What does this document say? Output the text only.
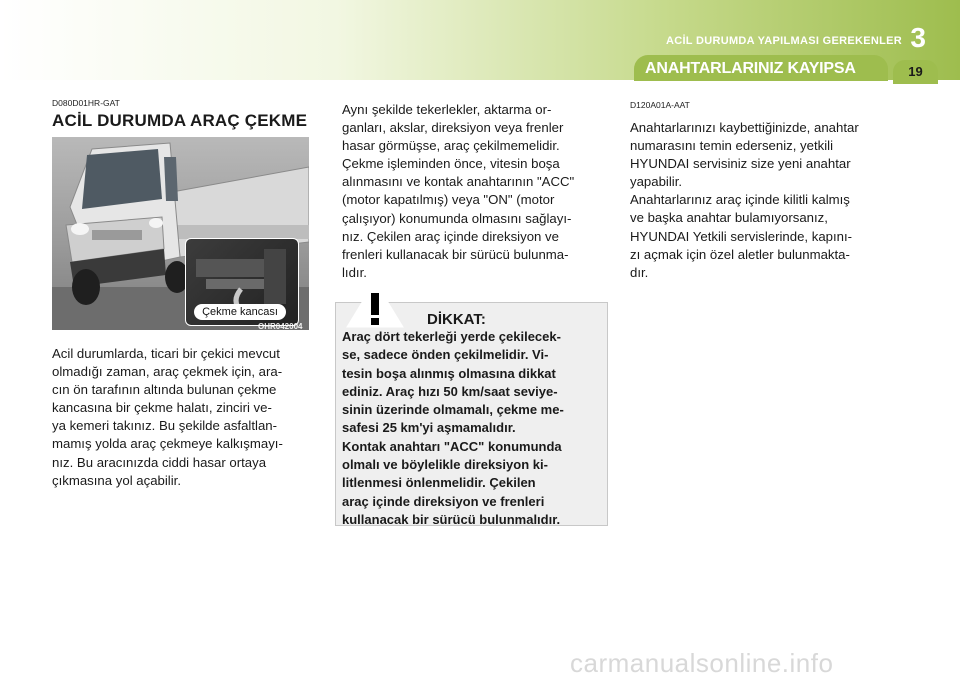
ACİL DURUMDA YAPILMASI GEREKENLER 3
ANAHTARLARINIZ KAYIPSA	19
D080D01HR-GAT
ACİL DURUMDA ARAÇ ÇEKME
Çekme kancası
OHR042004

Acil durumlarda, ticari bir çekici mevcut
olmadığı zaman, araç çekmek için, ara-
cın ön tarafının altında bulunan çekme
kancasına bir çekme halatı, zinciri ve-
ya kemeri takınız. Bu şekilde asfaltlan-
mamış yolda araç çekmeye kalkışmayı-
nız. Bu aracınızda ciddi hasar ortaya
çıkmasına yol açabilir.

Aynı şekilde tekerlekler, aktarma or-
ganları, akslar, direksiyon veya frenler
hasar görmüşse, araç çekilmemelidir.
Çekme işleminden önce, vitesin boşa
alınmasını ve kontak anahtarının "ACC"
(motor kapatılmış) veya "ON" (motor
çalışıyor) konumunda olmasını sağlayı-
nız. Çekilen araç içinde direksiyon ve
frenleri kullanacak bir sürücü bulunma-
lıdır.

DİKKAT:

Araç dört tekerleği yerde çekilecek-
se, sadece önden çekilmelidir. Vi-
tesin boşa alınmış olmasına dikkat
ediniz. Araç hızı 50 km/saat seviye-
sinin üzerinde olmamalı, çekme me-
safesi 25 km'yi aşmamalıdır.
Kontak anahtarı "ACC" konumunda
olmalı ve böylelikle direksiyon ki-
litlenmesi önlenmelidir. Çekilen
araç içinde direksiyon ve frenleri
kullanacak bir sürücü bulunmalıdır.

D120A01A-AAT

Anahtarlarınızı kaybettiğinizde, anahtar
numarasını temin ederseniz, yetkili
HYUNDAI servisiniz size yeni anahtar
yapabilir.
Anahtarlarınız araç içinde kilitli kalmış
ve başka anahtar bulamıyorsanız,
HYUNDAI Yetkili servislerinde, kapını-
zı açmak için özel aletler bulunmakta-
dır.

carmanualsonline.info
